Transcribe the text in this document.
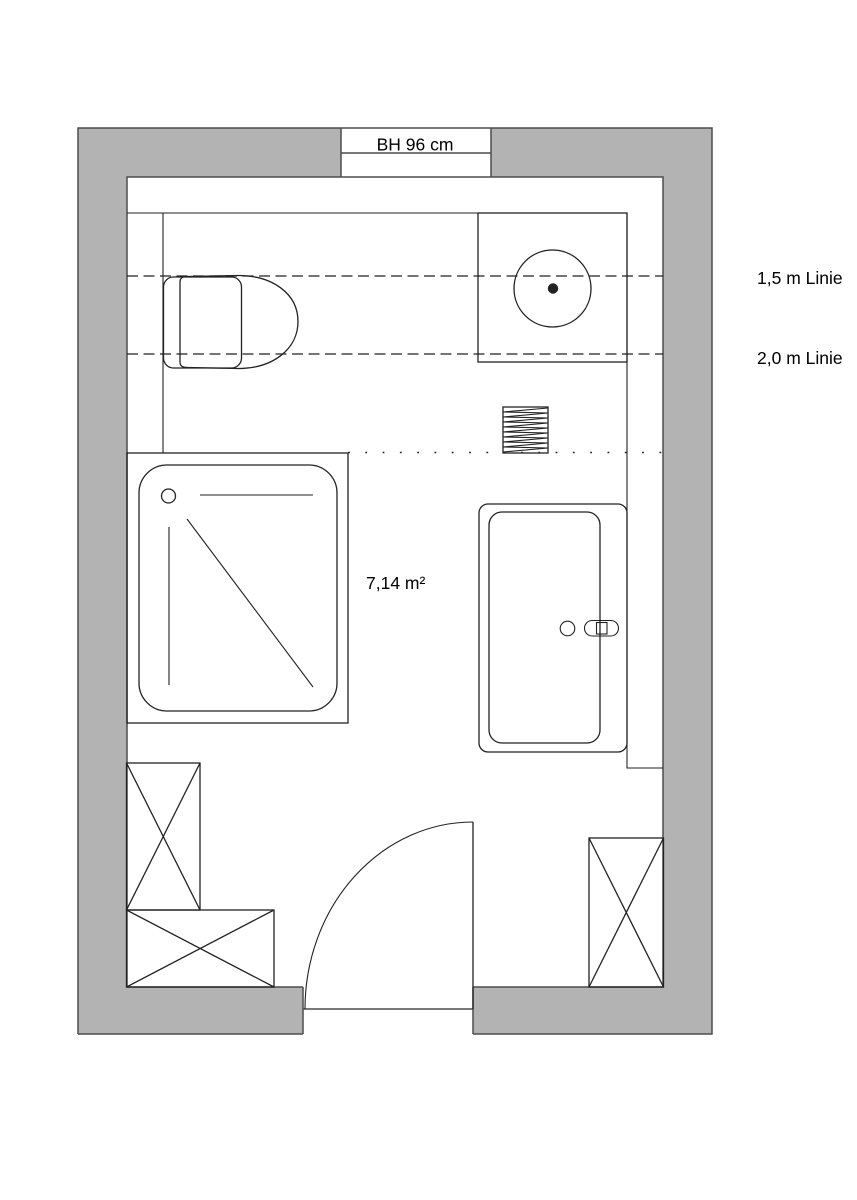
BH 96 cm
1,5 m Linie
2,0 m Linie
7,14 m²
